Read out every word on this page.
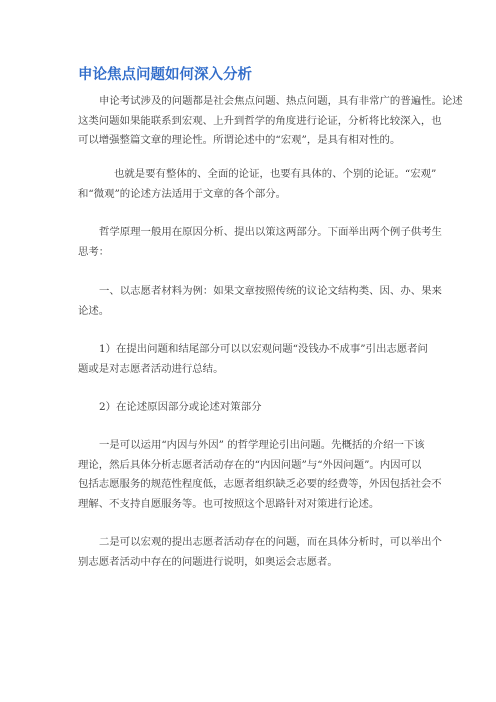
申论焦点问题如何深入分析
申论考试涉及的问题都是社会焦点问题、热点问题，具有非常广的普遍性。论述
这类问题如果能联系到宏观、上升到哲学的角度进行论证，分析将比较深入，也
可以增强整篇文章的理论性。所谓论述中的“宏观”，是具有相对性的。
也就是要有整体的、全面的论证，也要有具体的、个别的论证。“宏观”
和“微观”的论述方法适用于文章的各个部分。
哲学原理一般用在原因分析、提出以策这两部分。下面举出两个例子供考生
思考：
一、以志愿者材料为例：如果文章按照传统的议论文结构类、因、办、果来
论述。
1）在提出问题和结尾部分可以以宏观问题“没钱办不成事”引出志愿者问
题或是对志愿者活动进行总结。
2）在论述原因部分或论述对策部分
一是可以运用“内因与外因” 的哲学理论引出问题。先概括的介绍一下该
理论，然后具体分析志愿者活动存在的“内因问题”与“外因问题”。内因可以
包括志愿服务的规范性程度低，志愿者组织缺乏必要的经费等，外因包括社会不
理解、不支持自愿服务等。也可按照这个思路针对对策进行论述。
二是可以宏观的提出志愿者活动存在的问题，而在具体分析时，可以举出个
别志愿者活动中存在的问题进行说明，如奥运会志愿者。
